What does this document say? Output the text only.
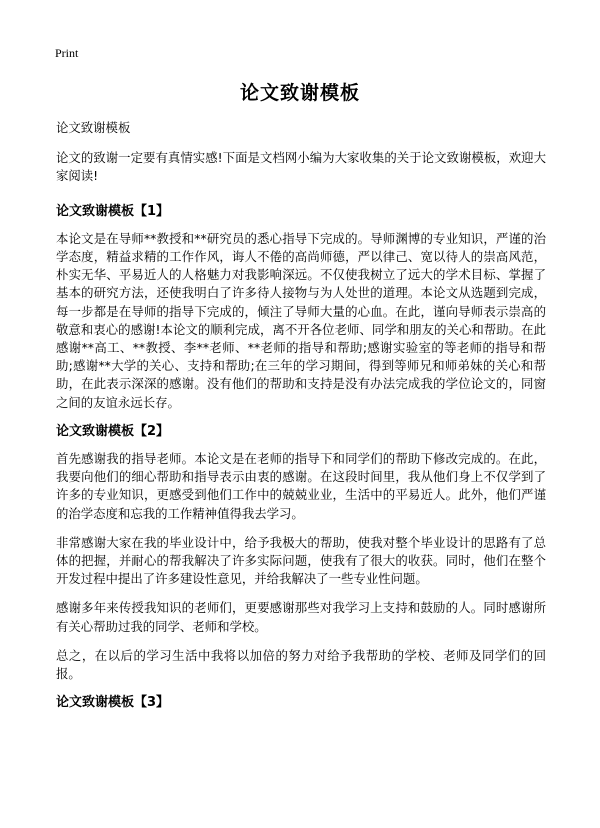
Print
论文致谢模板

论文致谢模板

论文的致谢一定要有真情实感!下面是文档网小编为大家收集的关于论文致谢模板，欢迎大家阅读!

论文致谢模板【1】

本论文是在导师**教授和**研究员的悉心指导下完成的。导师渊博的专业知识，严谨的治学态度，精益求精的工作作风，诲人不倦的高尚师德，严以律己、宽以待人的崇高风范，朴实无华、平易近人的人格魅力对我影响深远。不仅使我树立了远大的学术目标、掌握了基本的研究方法，还使我明白了许多待人接物与为人处世的道理。本论文从选题到完成，每一步都是在导师的指导下完成的，倾注了导师大量的心血。在此，谨向导师表示崇高的敬意和衷心的感谢!本论文的顺利完成，离不开各位老师、同学和朋友的关心和帮助。在此感谢**高工、**教授、李**老师、**老师的指导和帮助;感谢实验室的等老师的指导和帮助;感谢**大学的关心、支持和帮助;在三年的学习期间，得到等师兄和师弟妹的关心和帮助，在此表示深深的感谢。没有他们的帮助和支持是没有办法完成我的学位论文的，同窗之间的友谊永远长存。

论文致谢模板【2】

首先感谢我的指导老师。本论文是在老师的指导下和同学们的帮助下修改完成的。在此，我要向他们的细心帮助和指导表示由衷的感谢。在这段时间里，我从他们身上不仅学到了许多的专业知识，更感受到他们工作中的兢兢业业，生活中的平易近人。此外，他们严谨的治学态度和忘我的工作精神值得我去学习。

非常感谢大家在我的毕业设计中，给予我极大的帮助，使我对整个毕业设计的思路有了总体的把握，并耐心的帮我解决了许多实际问题，使我有了很大的收获。同时，他们在整个开发过程中提出了许多建设性意见，并给我解决了一些专业性问题。

感谢多年来传授我知识的老师们，更要感谢那些对我学习上支持和鼓励的人。同时感谢所有关心帮助过我的同学、老师和学校。

总之，在以后的学习生活中我将以加倍的努力对给予我帮助的学校、老师及同学们的回报。

论文致谢模板【3】
